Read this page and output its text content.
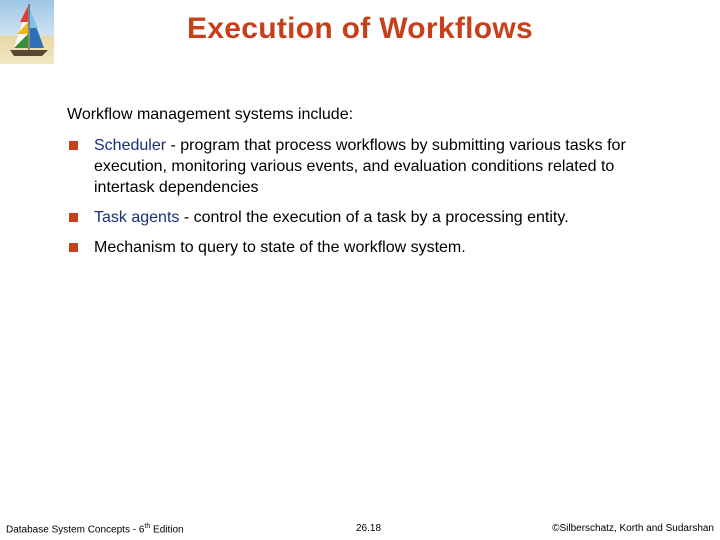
Execution of Workflows
Workflow management systems include:
Scheduler - program that process workflows by submitting various tasks for execution, monitoring various events, and evaluation conditions related to intertask dependencies
Task agents - control the execution of a task by a processing entity.
Mechanism to query to state of the workflow system.
Database System Concepts - 6th Edition	26.18	©Silberschatz, Korth and Sudarshan
